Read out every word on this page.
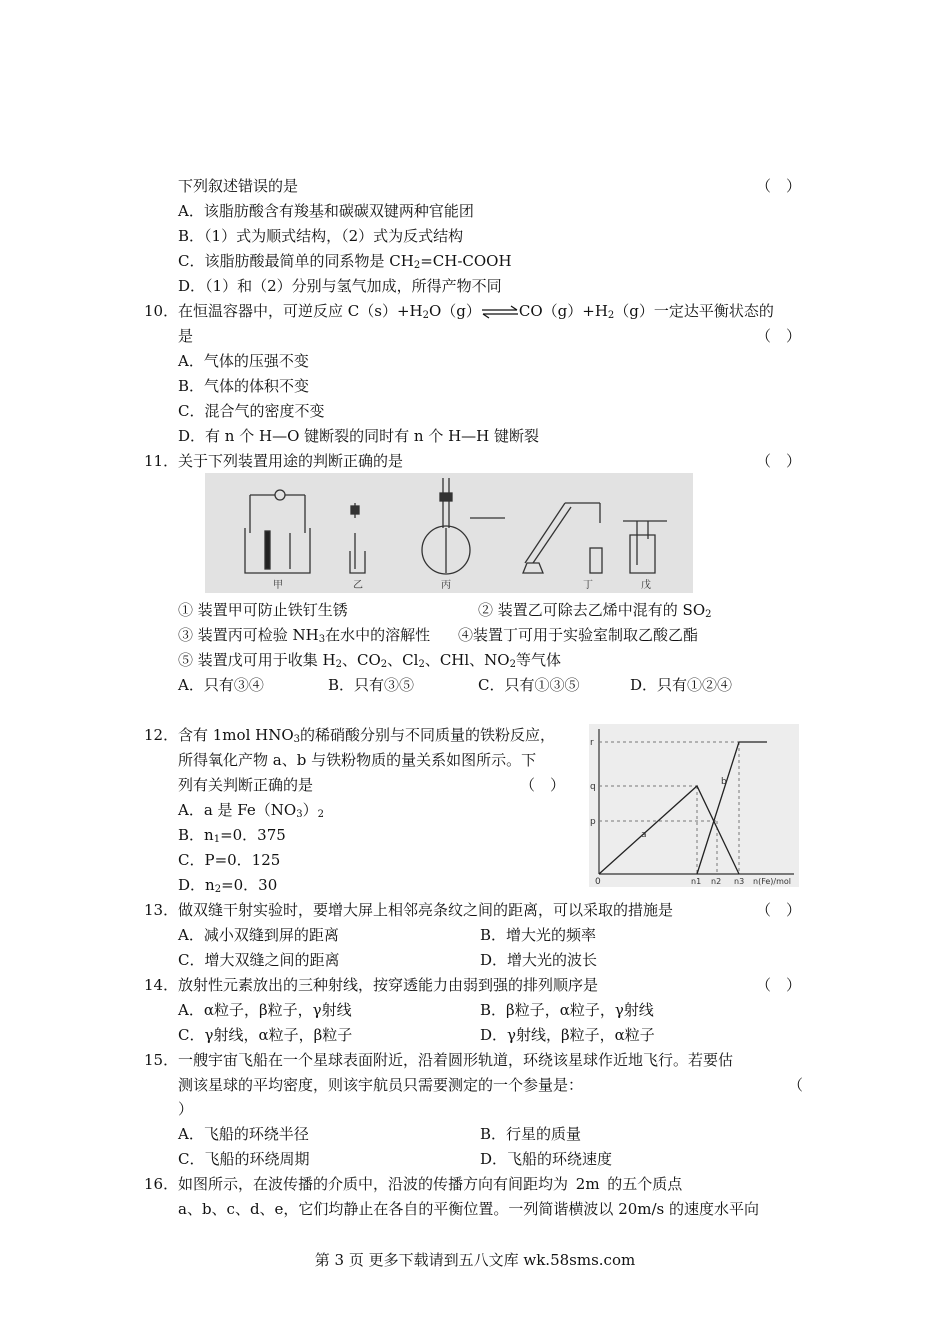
下列叙述错误的是	（　）
A．该脂肪酸含有羧基和碳碳双键两种官能团
B．（1）式为顺式结构，（2）式为反式结构
C．该脂肪酸最简单的同系物是 $CH_2=CH$-COOH
D．（1）和（2）分别与氢气加成，所得产物不同
10． 在恒温容器中，可逆反应 $C(s)+H_2O(g)\rightleftharpoons CO(g)+H_2(g)$一定达平衡状态的
是	（　）
A．气体的压强不变
B．气体的体积不变
C．混合气的密度不变
D．有 n 个 H—O 键断裂的同时有 n 个 H—H 键断裂
11． 关于下列装置用途的判断正确的是	（　）
甲	乙	丙	丁	戊
① 装置甲可防止铁钉生锈	② 装置乙可除去乙烯中混有的 $SO_2$
③ 装置丙可检验 $NH_3$在水中的溶解性 ④装置丁可用于实验室制取乙酸乙酯
⑤ 装置戊可用于收集 $H_2$、$CO_2$、$Cl_2$、CHl、$NO_2$等气体
A．只有③④	B．只有③⑤	C．只有①③⑤	D．只有①②④
12． 含有 1mol $HNO_3$的稀硝酸分别与不同质量的铁粉反应，
所得氧化产物 a、b 与铁粉物质的量关系如图所示。下
列有关判断正确的是	（　）
A．a 是 $Fe(NO_3)_2$
B．$n_1=0$．375
C．P=0．125
D．$n_2=0$．30
r
q
p
0	n1 n2 n3 n(Fe)/mol
a
b
13． 做双缝干射实验时，要增大屏上相邻亮条纹之间的距离，可以采取的措施是	（　）
A．减小双缝到屏的距离	B．增大光的频率
C．增大双缝之间的距离	D．增大光的波长
14． 放射性元素放出的三种射线，按穿透能力由弱到强的排列顺序是	（　）
A．α粒子，β粒子，γ射线	B．β粒子，α粒子，γ射线
C．γ射线，α粒子，β粒子	D．γ射线，β粒子，α粒子
15． 一艘宇宙飞船在一个星球表面附近，沿着圆形轨道，环绕该星球作近地飞行。若要估
测该星球的平均密度，则该宇航员只需要测定的一个参量是：	（
）
A．飞船的环绕半径	B．行星的质量
C．飞船的环绕周期	D．飞船的环绕速度
16． 如图所示，在波传播的介质中，沿波的传播方向有间距均为 2m 的五个质点
a、b、c、d、e，它们均静止在各自的平衡位置。一列简谐横波以 20m/s 的速度水平向
第 3 页 更多下载请到五八文库 wk.58sms.com
